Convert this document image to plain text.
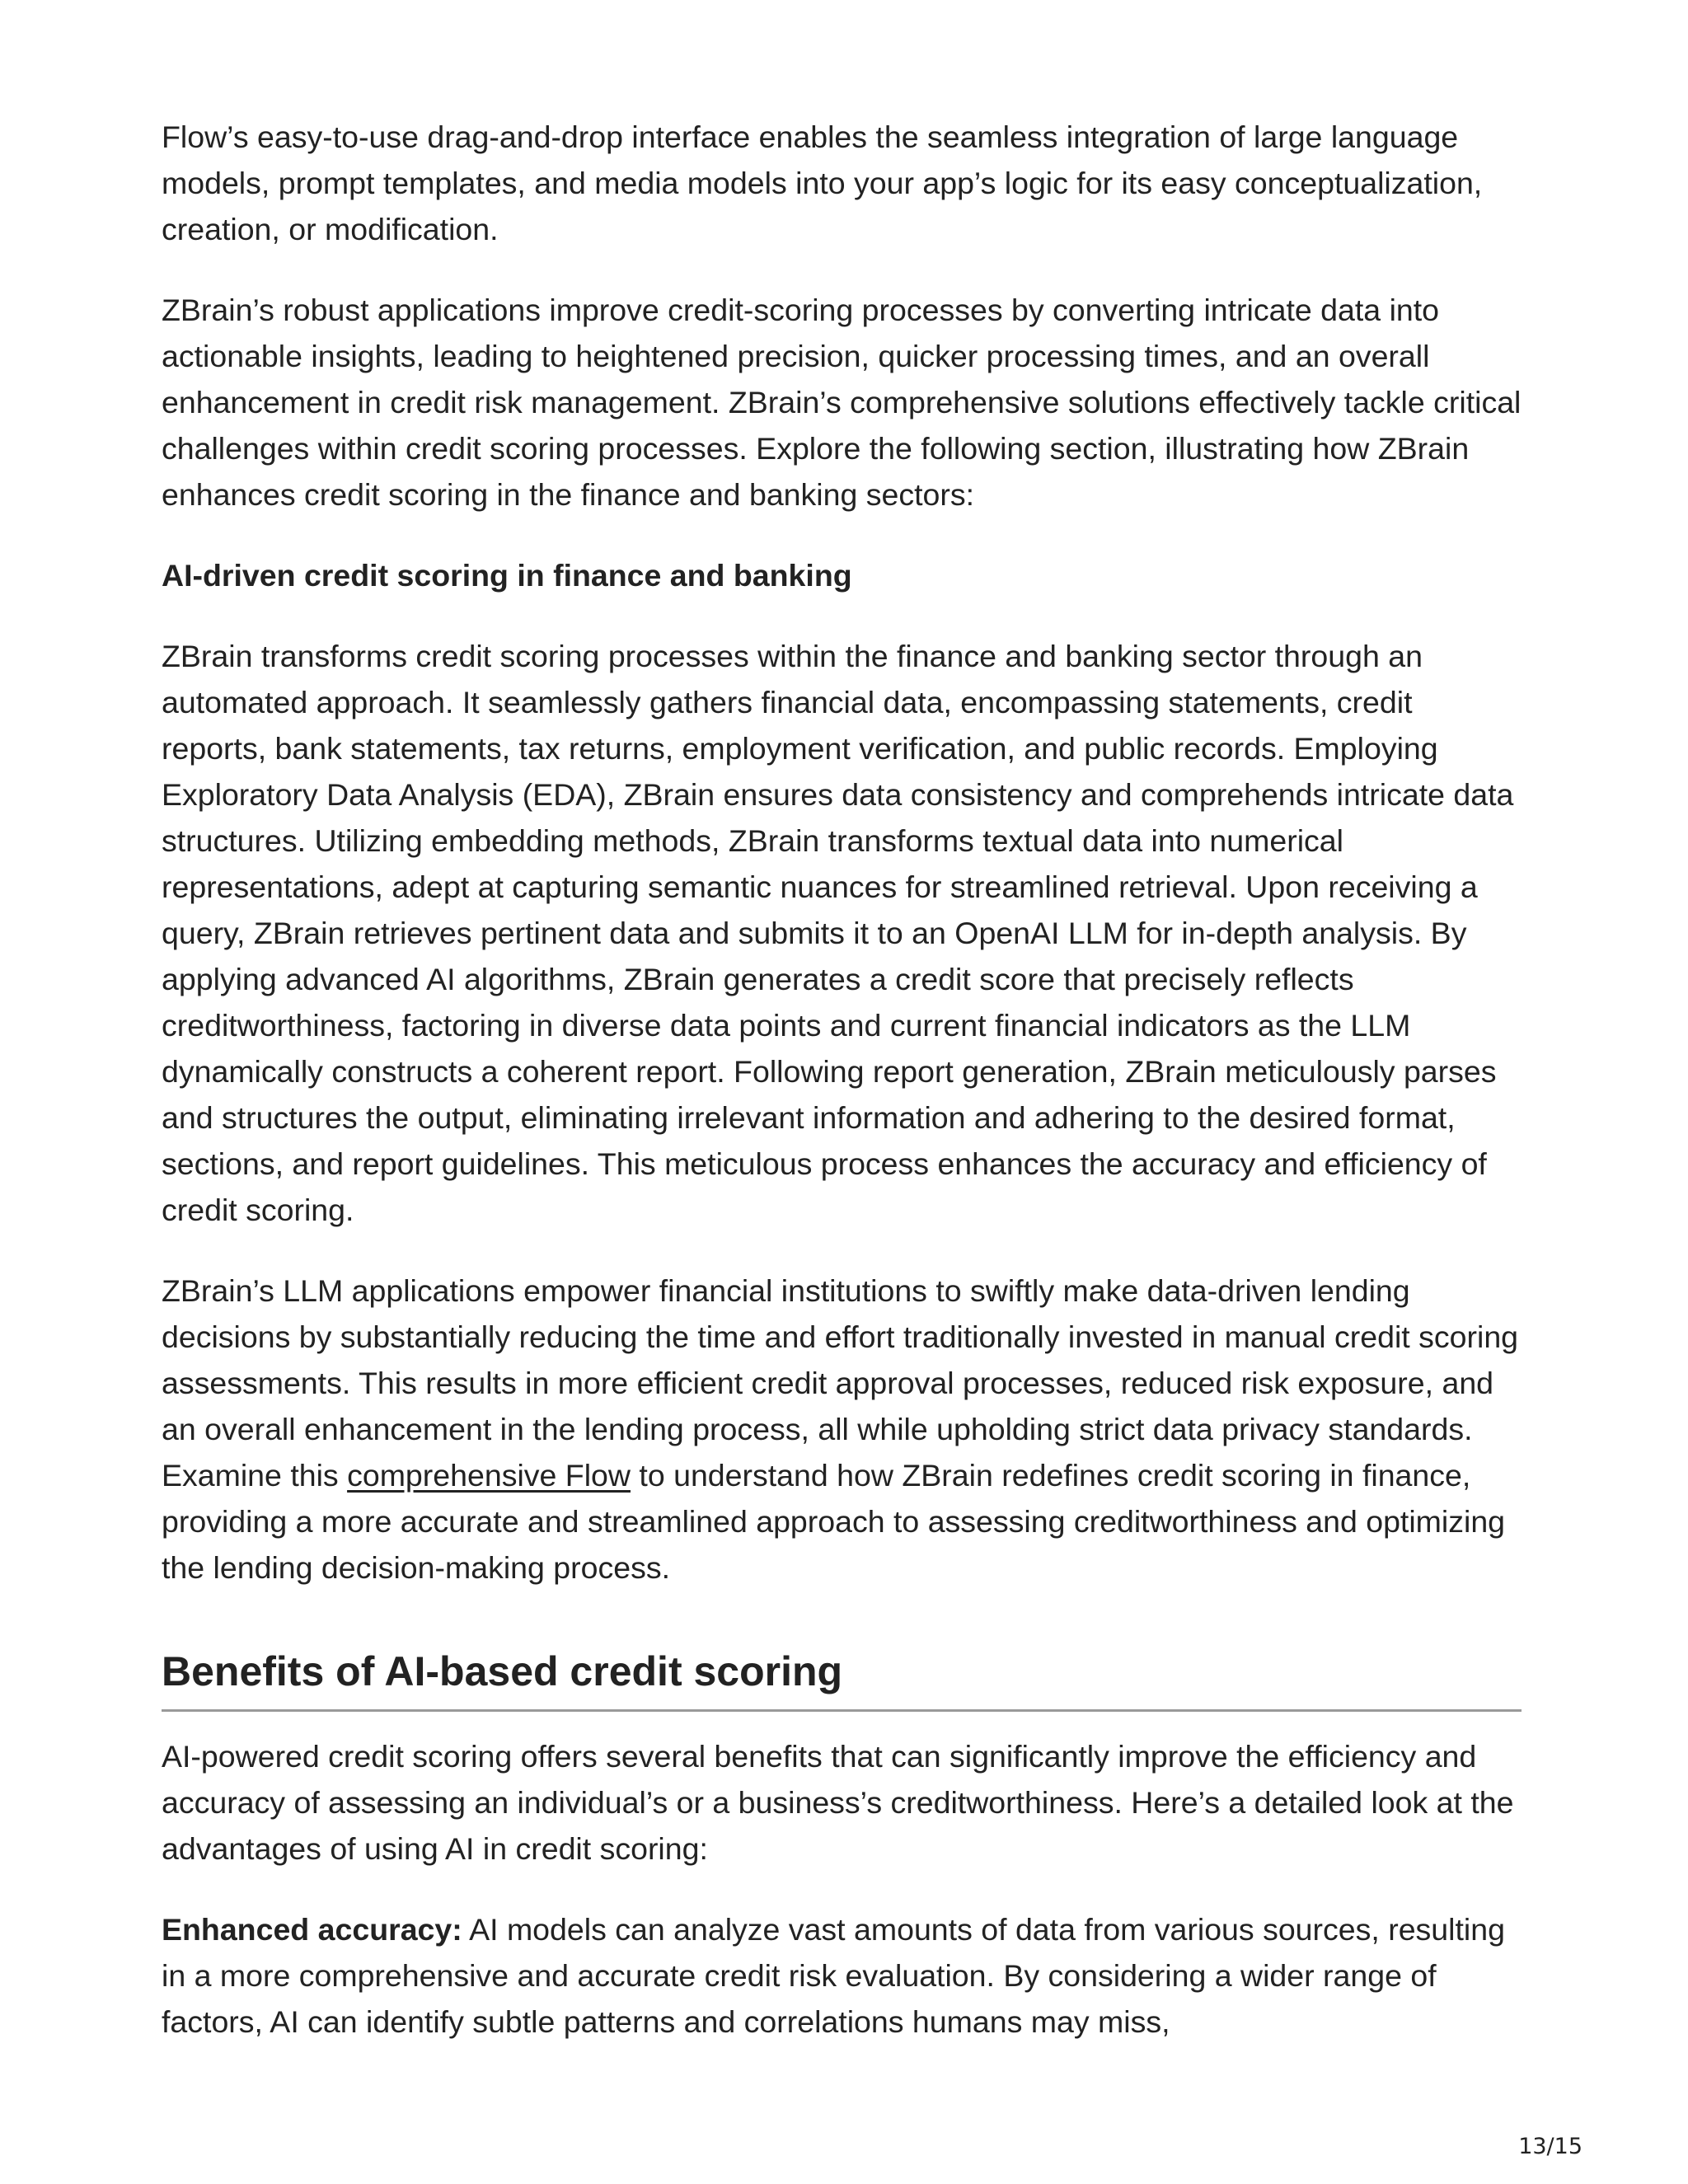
Flow’s easy-to-use drag-and-drop interface enables the seamless integration of large language models, prompt templates, and media models into your app’s logic for its easy conceptualization, creation, or modification.

ZBrain’s robust applications improve credit-scoring processes by converting intricate data into actionable insights, leading to heightened precision, quicker processing times, and an overall enhancement in credit risk management. ZBrain’s comprehensive solutions effectively tackle critical challenges within credit scoring processes. Explore the following section, illustrating how ZBrain enhances credit scoring in the finance and banking sectors:

AI-driven credit scoring in finance and banking

ZBrain transforms credit scoring processes within the finance and banking sector through an automated approach. It seamlessly gathers financial data, encompassing statements, credit reports, bank statements, tax returns, employment verification, and public records. Employing Exploratory Data Analysis (EDA), ZBrain ensures data consistency and comprehends intricate data structures. Utilizing embedding methods, ZBrain transforms textual data into numerical representations, adept at capturing semantic nuances for streamlined retrieval. Upon receiving a query, ZBrain retrieves pertinent data and submits it to an OpenAI LLM for in-depth analysis. By applying advanced AI algorithms, ZBrain generates a credit score that precisely reflects creditworthiness, factoring in diverse data points and current financial indicators as the LLM dynamically constructs a coherent report. Following report generation, ZBrain meticulously parses and structures the output, eliminating irrelevant information and adhering to the desired format, sections, and report guidelines. This meticulous process enhances the accuracy and efficiency of credit scoring.

ZBrain’s LLM applications empower financial institutions to swiftly make data-driven lending decisions by substantially reducing the time and effort traditionally invested in manual credit scoring assessments. This results in more efficient credit approval processes, reduced risk exposure, and an overall enhancement in the lending process, all while upholding strict data privacy standards. Examine this comprehensive Flow to understand how ZBrain redefines credit scoring in finance, providing a more accurate and streamlined approach to assessing creditworthiness and optimizing the lending decision-making process.

Benefits of AI-based credit scoring

AI-powered credit scoring offers several benefits that can significantly improve the efficiency and accuracy of assessing an individual’s or a business’s creditworthiness. Here’s a detailed look at the advantages of using AI in credit scoring:

Enhanced accuracy: AI models can analyze vast amounts of data from various sources, resulting in a more comprehensive and accurate credit risk evaluation. By considering a wider range of factors, AI can identify subtle patterns and correlations humans may miss,

13/15
